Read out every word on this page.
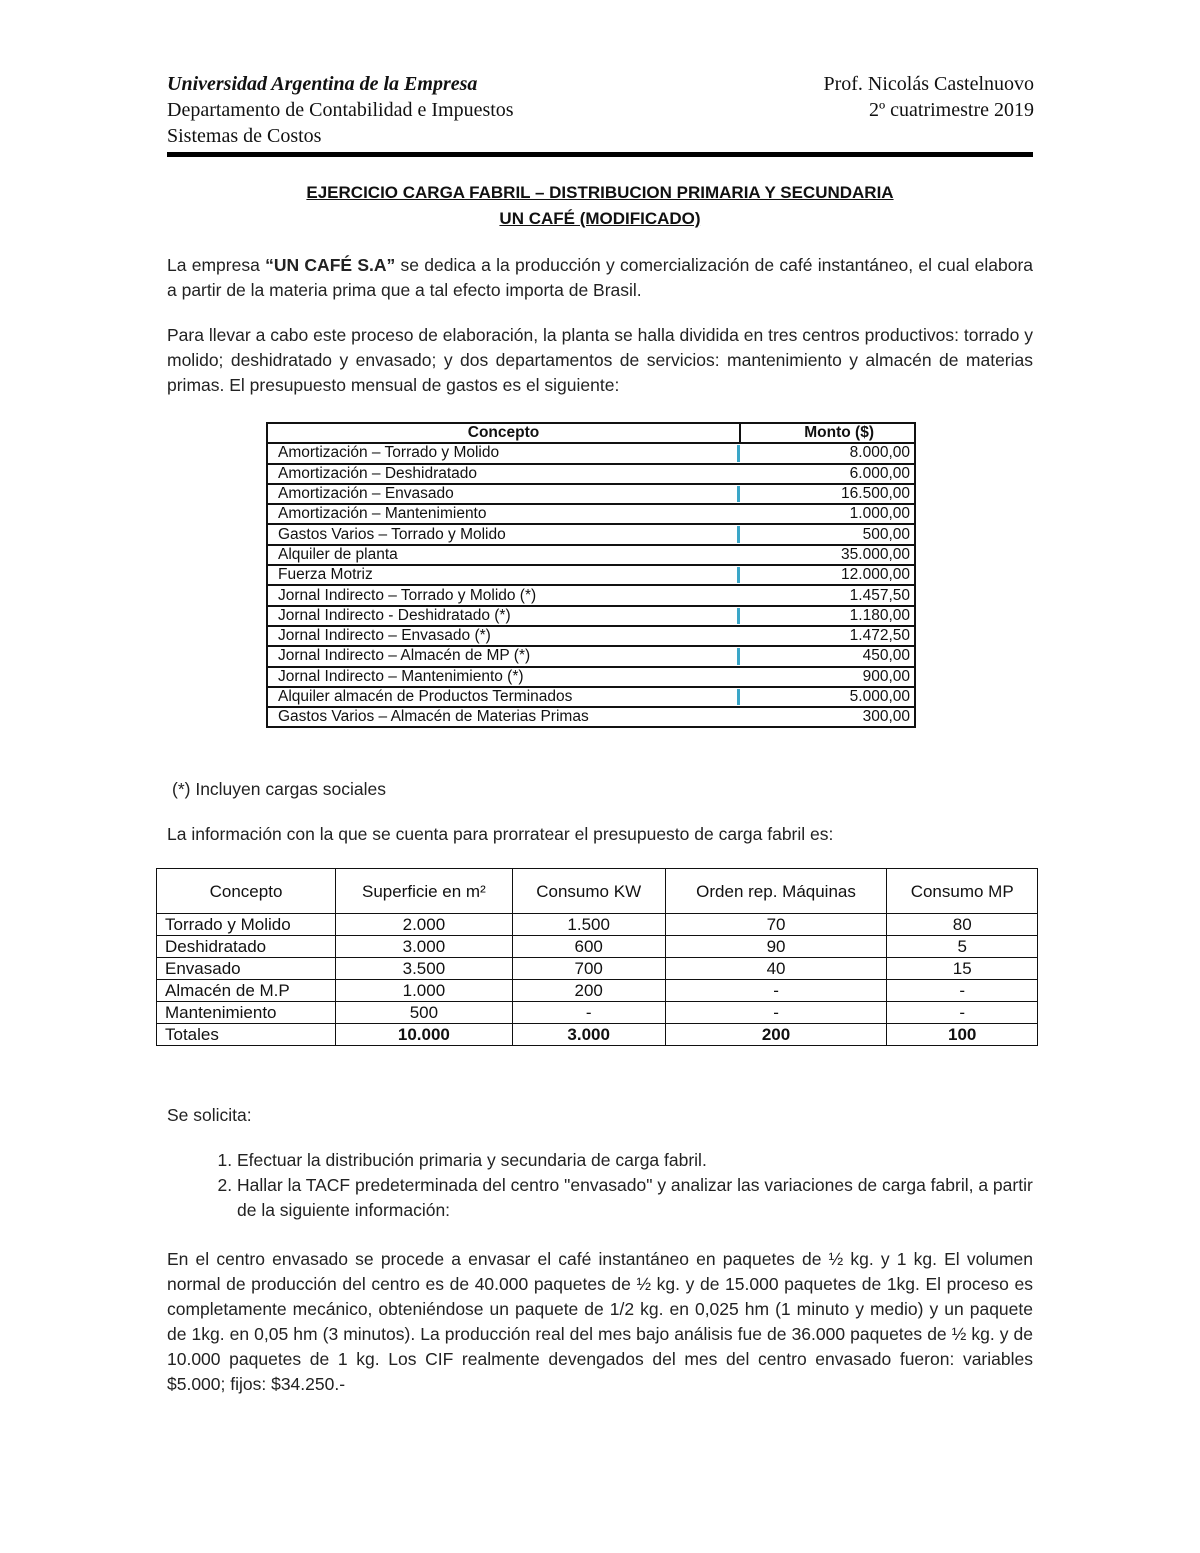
Universidad Argentina de la Empresa
Departamento de Contabilidad e Impuestos
Sistemas de Costos
Prof. Nicolás Castelnuovo
2º cuatrimestre 2019
EJERCICIO CARGA FABRIL – DISTRIBUCION PRIMARIA Y SECUNDARIA
UN CAFÉ (MODIFICADO)
La empresa “UN CAFÉ S.A” se dedica a la producción y comercialización de café instantáneo, el cual elabora a partir de la materia prima que a tal efecto importa de Brasil.
Para llevar a cabo este proceso de elaboración, la planta se halla dividida en tres centros productivos: torrado y molido; deshidratado y envasado; y dos departamentos de servicios: mantenimiento y almacén de materias primas. El presupuesto mensual de gastos es el siguiente:
Concepto	Monto ($)
Amortización – Torrado y Molido	8.000,00
Amortización – Deshidratado	6.000,00
Amortización – Envasado	16.500,00
Amortización – Mantenimiento	1.000,00
Gastos Varios – Torrado y Molido	500,00
Alquiler de planta	35.000,00
Fuerza Motriz	12.000,00
Jornal Indirecto – Torrado y Molido (*)	1.457,50
Jornal Indirecto - Deshidratado (*)	1.180,00
Jornal Indirecto – Envasado (*)	1.472,50
Jornal Indirecto – Almacén de MP (*)	450,00
Jornal Indirecto – Mantenimiento (*)	900,00
Alquiler almacén de Productos Terminados	5.000,00
Gastos Varios – Almacén de Materias Primas	300,00
(*) Incluyen cargas sociales
La información con la que se cuenta para prorratear el presupuesto de carga fabril es:
Concepto	Superficie en m²	Consumo KW	Orden rep. Máquinas	Consumo MP
Torrado y Molido	2.000	1.500	70	80
Deshidratado	3.000	600	90	5
Envasado	3.500	700	40	15
Almacén de M.P	1.000	200	-	-
Mantenimiento	500	-	-	-
Totales	10.000	3.000	200	100
Se solicita:
1. Efectuar la distribución primaria y secundaria de carga fabril.
2. Hallar la TACF predeterminada del centro "envasado" y analizar las variaciones de carga fabril, a partir de la siguiente información:
En el centro envasado se procede a envasar el café instantáneo en paquetes de ½ kg. y 1 kg. El volumen normal de producción del centro es de 40.000 paquetes de ½ kg. y de 15.000 paquetes de 1kg. El proceso es completamente mecánico, obteniéndose un paquete de 1/2 kg. en 0,025 hm (1 minuto y medio) y un paquete de 1kg. en 0,05 hm (3 minutos). La producción real del mes bajo análisis fue de 36.000 paquetes de ½ kg. y de 10.000 paquetes de 1 kg. Los CIF realmente devengados del mes del centro envasado fueron: variables $5.000; fijos: $34.250.-
